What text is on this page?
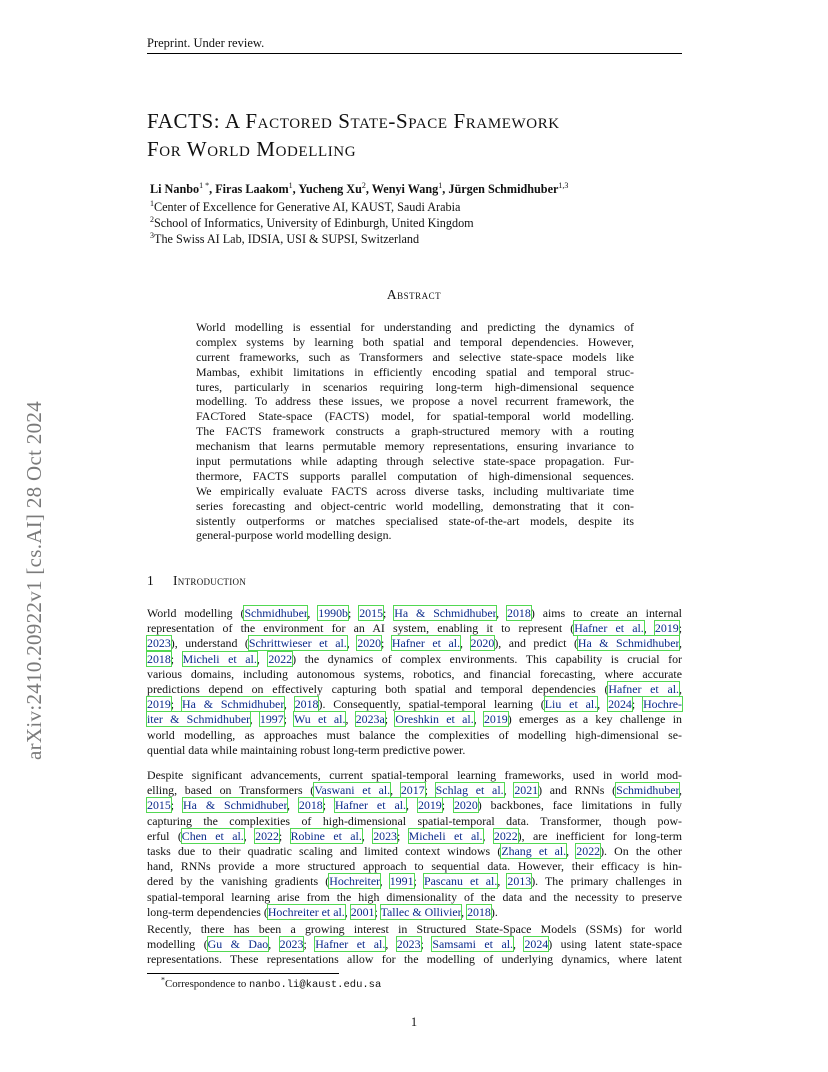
Preprint. Under review.
arXiv:2410.20922v1 [cs.AI] 28 Oct 2024
FACTS: A Factored State-Space Framework
For World Modelling
Li Nanbo$^{1 *}$, Firas Laakom$^1$, Yucheng Xu$^2$, Wenyi Wang$^1$, Jürgen Schmidhuber$^{1,3}$
$^1$Center of Excellence for Generative AI, KAUST, Saudi Arabia
$^2$School of Informatics, University of Edinburgh, United Kingdom
$^3$The Swiss AI Lab, IDSIA, USI & SUPSI, Switzerland
Abstract
World modelling is essential for understanding and predicting the dynamics of
complex systems by learning both spatial and temporal dependencies. However,
current frameworks, such as Transformers and selective state-space models like
Mambas, exhibit limitations in efficiently encoding spatial and temporal struc-
tures, particularly in scenarios requiring long-term high-dimensional sequence
modelling. To address these issues, we propose a novel recurrent framework, the
FACTored State-space (FACTS) model, for spatial-temporal world modelling.
The FACTS framework constructs a graph-structured memory with a routing
mechanism that learns permutable memory representations, ensuring invariance to
input permutations while adapting through selective state-space propagation. Fur-
thermore, FACTS supports parallel computation of high-dimensional sequences.
We empirically evaluate FACTS across diverse tasks, including multivariate time
series forecasting and object-centric world modelling, demonstrating that it con-
sistently outperforms or matches specialised state-of-the-art models, despite its
general-purpose world modelling design.
1 Introduction
World modelling (Schmidhuber, 1990b; 2015; Ha & Schmidhuber, 2018) aims to create an internal
representation of the environment for an AI system, enabling it to represent (Hafner et al., 2019;
2023), understand (Schrittwieser et al., 2020; Hafner et al., 2020), and predict (Ha & Schmidhuber,
2018; Micheli et al., 2022) the dynamics of complex environments. This capability is crucial for
various domains, including autonomous systems, robotics, and financial forecasting, where accurate
predictions depend on effectively capturing both spatial and temporal dependencies (Hafner et al.,
2019; Ha & Schmidhuber, 2018). Consequently, spatial-temporal learning (Liu et al., 2024; Hochre-
iter & Schmidhuber, 1997; Wu et al., 2023a; Oreshkin et al., 2019) emerges as a key challenge in
world modelling, as approaches must balance the complexities of modelling high-dimensional se-
quential data while maintaining robust long-term predictive power.
Despite significant advancements, current spatial-temporal learning frameworks, used in world mod-
elling, based on Transformers (Vaswani et al., 2017; Schlag et al., 2021) and RNNs (Schmidhuber,
2015; Ha & Schmidhuber, 2018; Hafner et al., 2019; 2020) backbones, face limitations in fully
capturing the complexities of high-dimensional spatial-temporal data. Transformer, though pow-
erful (Chen et al., 2022; Robine et al., 2023; Micheli et al., 2022), are inefficient for long-term
tasks due to their quadratic scaling and limited context windows (Zhang et al., 2022). On the other
hand, RNNs provide a more structured approach to sequential data. However, their efficacy is hin-
dered by the vanishing gradients (Hochreiter, 1991; Pascanu et al., 2013). The primary challenges in
spatial-temporal learning arise from the high dimensionality of the data and the necessity to preserve
long-term dependencies (Hochreiter et al., 2001; Tallec & Ollivier, 2018).
Recently, there has been a growing interest in Structured State-Space Models (SSMs) for world
modelling (Gu & Dao, 2023; Hafner et al., 2023; Samsami et al., 2024) using latent state-space
representations. These representations allow for the modelling of underlying dynamics, where latent
*Correspondence to nanbo.li@kaust.edu.sa
1
